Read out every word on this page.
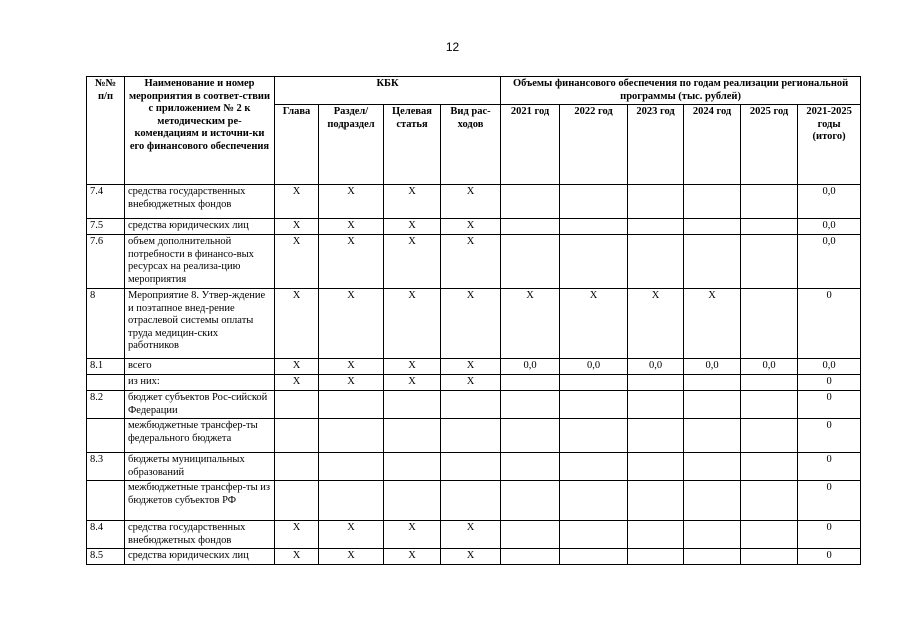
12
№№ п/п	Наименование и номер мероприятия в соответ-ствии с приложением № 2 к методическим ре-комендациям и источни-ки его финансового обеспечения	КБК				Объемы финансового обеспечения по годам реализации региональной программы (тыс. рублей)					
		Глава	Раздел/ подраздел	Целевая статья	Вид рас-ходов	2021 год	2022 год	2023 год	2024 год	2025 год	2021-2025 годы (итого)
7.4	средства государственных внебюджетных фондов	X	X	X	X						0,0
7.5	средства юридических лиц	X	X	X	X						0,0
7.6	объем дополнительной потребности в финансо-вых ресурсах на реализа-цию мероприятия	X	X	X	X						0,0
8	Мероприятие 8. Утвер-ждение и поэтапное внед-рение отраслевой системы оплаты труда медицин-ских работников	X	X	X	X	X	X	X	X		0
8.1	всего	X	X	X	X	0,0	0,0	0,0	0,0	0,0	0,0
	из них:	X	X	X	X						0
8.2	бюджет субъектов Рос-сийской Федерации										0
	межбюджетные трансфер-ты федерального бюджета										0
8.3	бюджеты муниципальных образований										0
	межбюджетные трансфер-ты из бюджетов субъектов РФ										0
8.4	средства государственных внебюджетных фондов	X	X	X	X						0
8.5	средства юридических лиц	X	X	X	X						0
